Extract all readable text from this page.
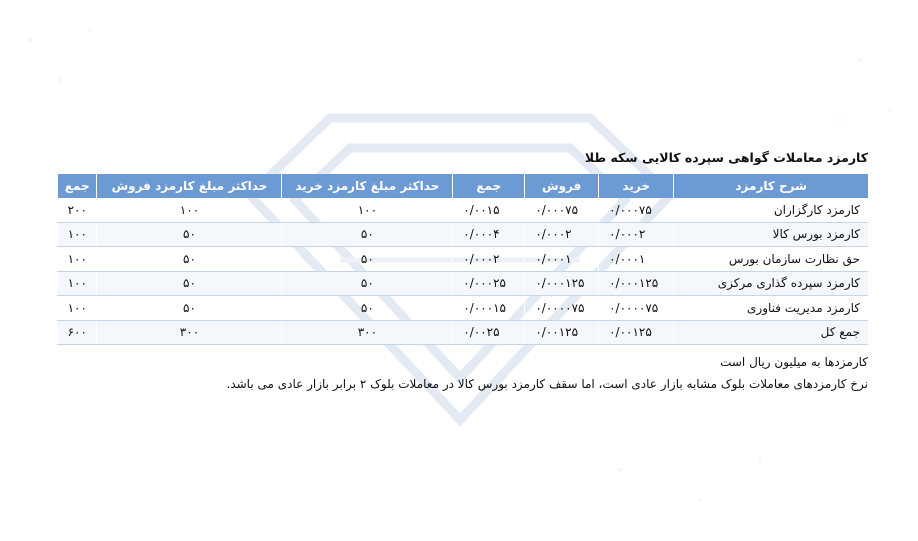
کارمزد معاملات گواهی سپرده کالایی سکه طلا
شرح کارمزد	خرید	فروش	جمع	حداکثر مبلغ کارمزد خرید	حداکثر مبلغ کارمزد فروش	جمع
کارمزد کارگزاران	۰/۰۰۰۷۵	۰/۰۰۰۷۵	۰/۰۰۱۵	۱۰۰	۱۰۰	۲۰۰
کارمزد بورس کالا	۰/۰۰۰۲	۰/۰۰۰۲	۰/۰۰۰۴	۵۰	۵۰	۱۰۰
حق نظارت سازمان بورس	۰/۰۰۰۱	۰/۰۰۰۱	۰/۰۰۰۲	۵۰	۵۰	۱۰۰
کارمزد سپرده گذاری مرکزی	۰/۰۰۰۱۲۵	۰/۰۰۰۱۲۵	۰/۰۰۰۲۵	۵۰	۵۰	۱۰۰
کارمزد مدیریت فناوری	۰/۰۰۰۰۷۵	۰/۰۰۰۰۷۵	۰/۰۰۰۱۵	۵۰	۵۰	۱۰۰
جمع کل	۰/۰۰۱۲۵	۰/۰۰۱۲۵	۰/۰۰۲۵	۳۰۰	۳۰۰	۶۰۰
کارمزدها به میلیون ریال است
نرخ کارمزدهای معاملات بلوک مشابه بازار عادی است، اما سقف کارمزد بورس کالا در معاملات بلوک ۲ برابر بازار عادی می باشد.
